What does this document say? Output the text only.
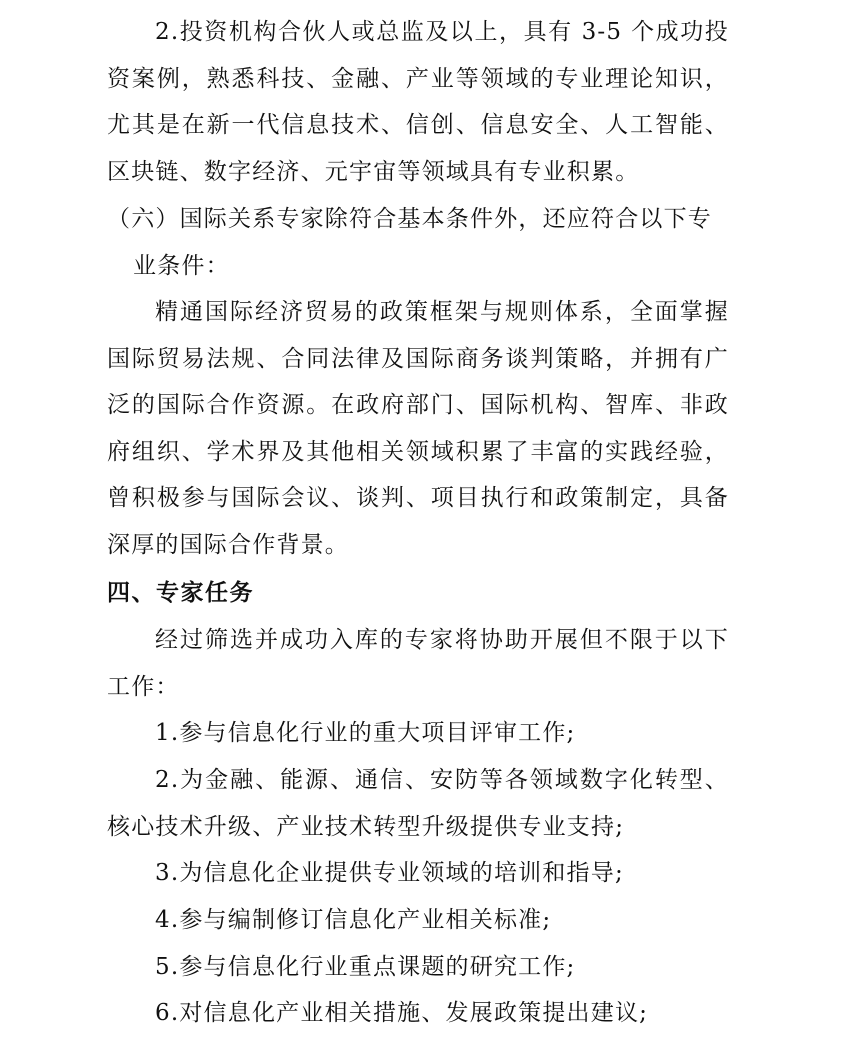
2.投资机构合伙人或总监及以上，具有 3-5 个成功投资案例，熟悉科技、金融、产业等领域的专业理论知识，尤其是在新一代信息技术、信创、信息安全、人工智能、区块链、数字经济、元宇宙等领域具有专业积累。

（六）国际关系专家除符合基本条件外，还应符合以下专业条件：

精通国际经济贸易的政策框架与规则体系，全面掌握国际贸易法规、合同法律及国际商务谈判策略，并拥有广泛的国际合作资源。在政府部门、国际机构、智库、非政府组织、学术界及其他相关领域积累了丰富的实践经验，曾积极参与国际会议、谈判、项目执行和政策制定，具备深厚的国际合作背景。

四、专家任务

经过筛选并成功入库的专家将协助开展但不限于以下工作：

1.参与信息化行业的重大项目评审工作;

2.为金融、能源、通信、安防等各领域数字化转型、核心技术升级、产业技术转型升级提供专业支持;

3.为信息化企业提供专业领域的培训和指导;

4.参与编制修订信息化产业相关标准;

5.参与信息化行业重点课题的研究工作;

6.对信息化产业相关措施、发展政策提出建议;
